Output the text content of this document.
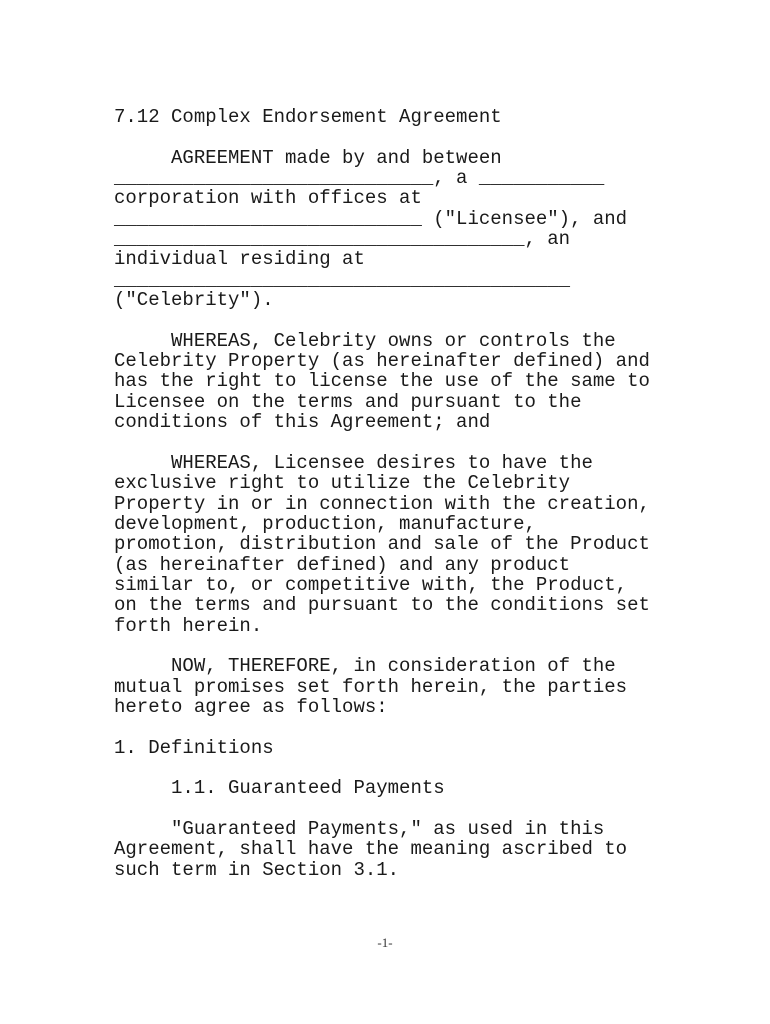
7.12 Complex Endorsement Agreement
AGREEMENT made by and between
____________________________, a ___________
corporation with offices at
___________________________ ("Licensee"), and
____________________________________, an
individual residing at
________________________________________
("Celebrity").
WHEREAS, Celebrity owns or controls the
Celebrity Property (as hereinafter defined) and
has the right to license the use of the same to
Licensee on the terms and pursuant to the
conditions of this Agreement; and
WHEREAS, Licensee desires to have the
exclusive right to utilize the Celebrity
Property in or in connection with the creation,
development, production, manufacture,
promotion, distribution and sale of the Product
(as hereinafter defined) and any product
similar to, or competitive with, the Product,
on the terms and pursuant to the conditions set
forth herein.
NOW, THEREFORE, in consideration of the
mutual promises set forth herein, the parties
hereto agree as follows:
1. Definitions
1.1. Guaranteed Payments
"Guaranteed Payments," as used in this
Agreement, shall have the meaning ascribed to
such term in Section 3.1.
-1-
